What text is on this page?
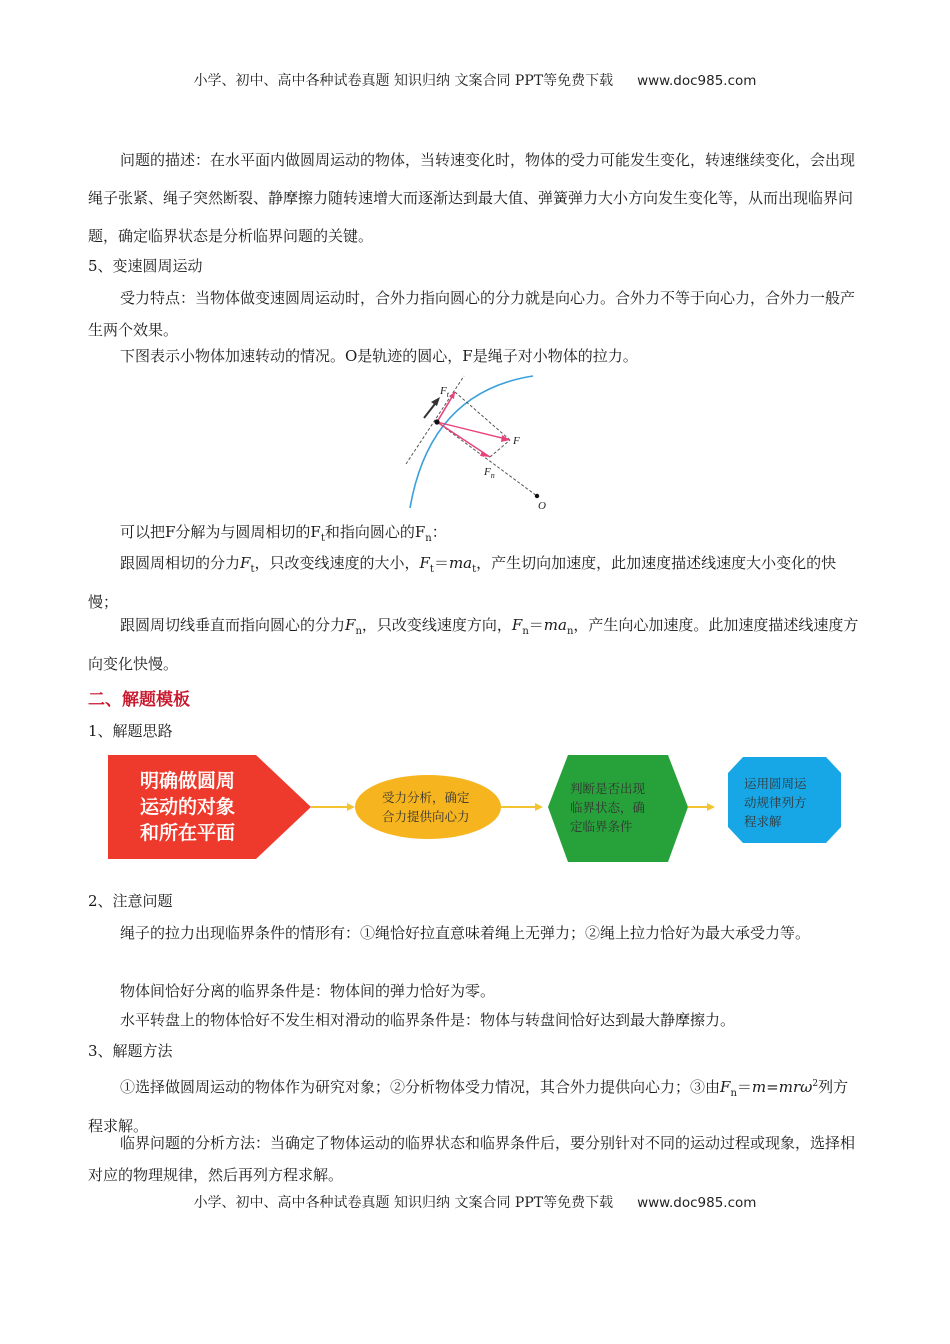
小学、初中、高中各种试卷真题 知识归纳 文案合同 PPT等免费下载 www.doc985.com

问题的描述：在水平面内做圆周运动的物体，当转速变化时，物体的受力可能发生变化，转速继续变化，会出现绳子张紧、绳子突然断裂、静摩擦力随转速增大而逐渐达到最大值、弹簧弹力大小方向发生变化等，从而出现临界问题，确定临界状态是分析临界问题的关键。

5、变速圆周运动

受力特点：当物体做变速圆周运动时，合外力指向圆心的分力就是向心力。合外力不等于向心力，合外力一般产生两个效果。

下图表示小物体加速转动的情况。O是轨迹的圆心，F是绳子对小物体的拉力。

$F_t$
F
$F_n$
O

可以把F分解为与圆周相切的$F_t$和指向圆心的$F_n$：

跟圆周相切的分力$F_t$，只改变线速度的大小，$F_t=ma_t$，产生切向加速度，此加速度描述线速度大小变化的快慢；

跟圆周切线垂直而指向圆心的分力$F_n$，只改变线速度方向，$F_n=ma_n$，产生向心加速度。此加速度描述线速度方向变化快慢。

二、解题模板

1、解题思路

明确做圆周 运动的对象 和所在平面
受力分析，确定 合力提供向心力
判断是否出现 临界状态，确 定临界条件
运用圆周运 动规律列方 程求解

2、注意问题

绳子的拉力出现临界条件的情形有：①绳恰好拉直意味着绳上无弹力；②绳上拉力恰好为最大承受力等。

物体间恰好分离的临界条件是：物体间的弹力恰好为零。

水平转盘上的物体恰好不发生相对滑动的临界条件是：物体与转盘间恰好达到最大静摩擦力。

3、解题方法

①选择做圆周运动的物体作为研究对象；②分析物体受力情况，其合外力提供向心力；③由$F_n=m=mr\omega^2$列方程求解。

临界问题的分析方法：当确定了物体运动的临界状态和临界条件后，要分别针对不同的运动过程或现象，选择相对应的物理规律，然后再列方程求解。

小学、初中、高中各种试卷真题 知识归纳 文案合同 PPT等免费下载 www.doc985.com
